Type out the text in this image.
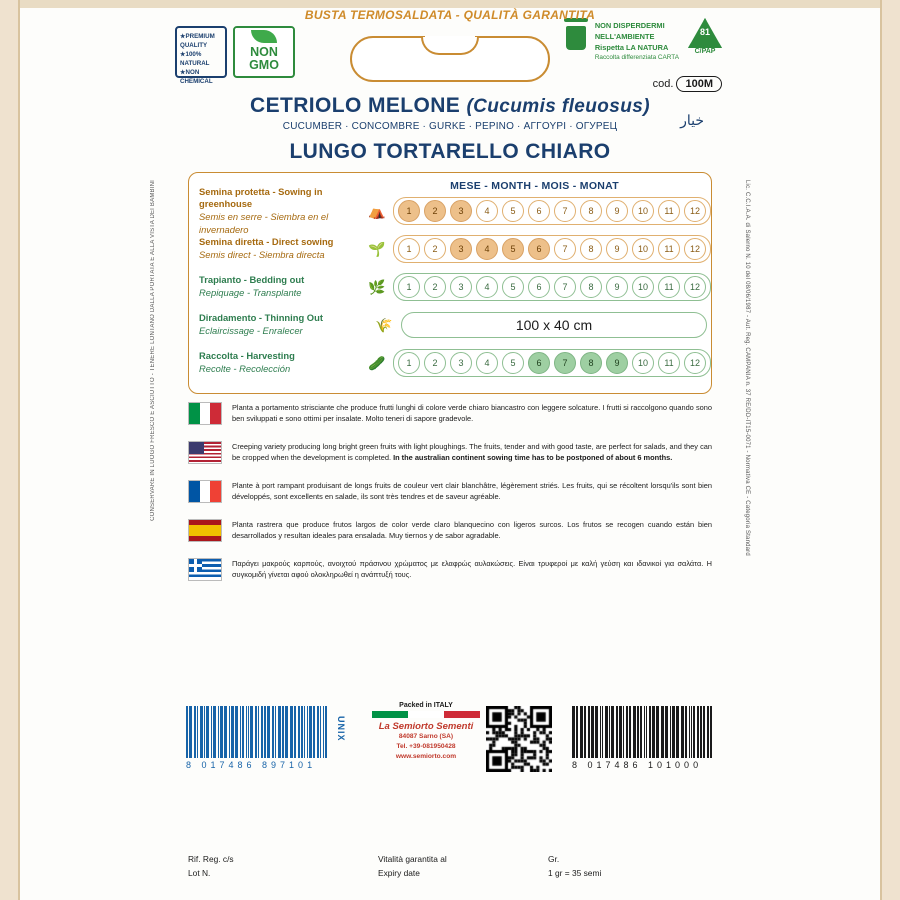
CONSERVARE IN LUOGO FRESCO E ASCIUTTO - TENERE LONTANO DALLA PORTATA E ALLA VISTA DEI BAMBINI	Lic. C.C.I.A.A. di Salerno N. 10 del 08/06/1987 - Aut. Reg. CAMPANIA n. 37 RE/DD-IT15-0071 - Normativa CE - Categoria Standard
★PREMIUM
QUALITY
★100%
NATURAL
★NON
CHEMICAL
NON
GMO
NON DISPERDERMI
NELL'AMBIENTE
Rispetta LA NATURA
Raccolta differenziata CARTA
81
C/PAP
BUSTA TERMOSALDATA - QUALITÀ GARANTITA
CETRIOLO MELONE (Cucumis fleuosus)
CUCUMBER · CONCOMBRE · GURKE · PEPINO · ΑΓΓΟΥΡΙ · ОГУРЕЦ
LUNGO TORTARELLO CHIARO
cod. 100M
خيار
MESE - MONTH - MOIS - MONAT
Semina protetta - Sowing in greenhouse
Semis en serre - Siembra en el invernadero
⛺	1	2	3	4	5	6	7	8	9	10	11	12
Semina diretta - Direct sowing
Semis direct - Siembra directa	🌱	1	2	3	4	5	6	7	8	9	10	11	12
Trapianto - Bedding out
Repiquage - Transplante	🌿	1	2	3	4	5	6	7	8	9	10	11	12
Diradamento - Thinning Out
Eclaircissage - Enralecer	🌾	100 x 40 cm
Raccolta - Harvesting
Recolte - Recolección	🥒	1	2	3	4	5	6	7	8	9	10	11	12
Planta a portamento strisciante che produce frutti lunghi di colore verde chiaro biancastro con leggere solcature. I frutti si raccolgono quando sono ben sviluppati e sono ottimi per insalate. Molto teneri di sapore gradevole.
Creeping variety producing long bright green fruits with light ploughings. The fruits, tender and with good taste, are perfect for salads, and they can be cropped when the development is completed. In the australian continent sowing time has to be postponed of about 6 months.
Plante à port rampant produisant de longs fruits de couleur vert clair blanchâtre, légèrement striés. Les fruits, qui se récoltent lorsqu'ils sont bien développés, sont excellents en salade, ils sont très tendres et de saveur agréable.
Planta rastrera que produce frutos largos de color verde claro blanquecino con ligeros surcos. Los frutos se recogen cuando están bien desarrollados y resultan ideales para ensalada. Muy tiernos y de sabor agradable.
Παράγει μακρούς καρπούς, ανοιχτού πράσινου χρώματος με ελαφρώς αυλακώσεις. Είναι τρυφεροί με καλή γεύση και ιδανικοί για σαλάτα. Η συγκομιδή γίνεται αφού ολοκληρωθεί η ανάπτυξή τους.
8 017486 897101
UNIX
Packed in ITALY
La Semiorto Sementi
84087 Sarno (SA)
Tel. +39-081950428
www.semiorto.com
8 017486 101000
Rif. Reg. c/s
Lot N.
Vitalità garantita al
Expiry date
Gr.
1 gr = 35 semi
